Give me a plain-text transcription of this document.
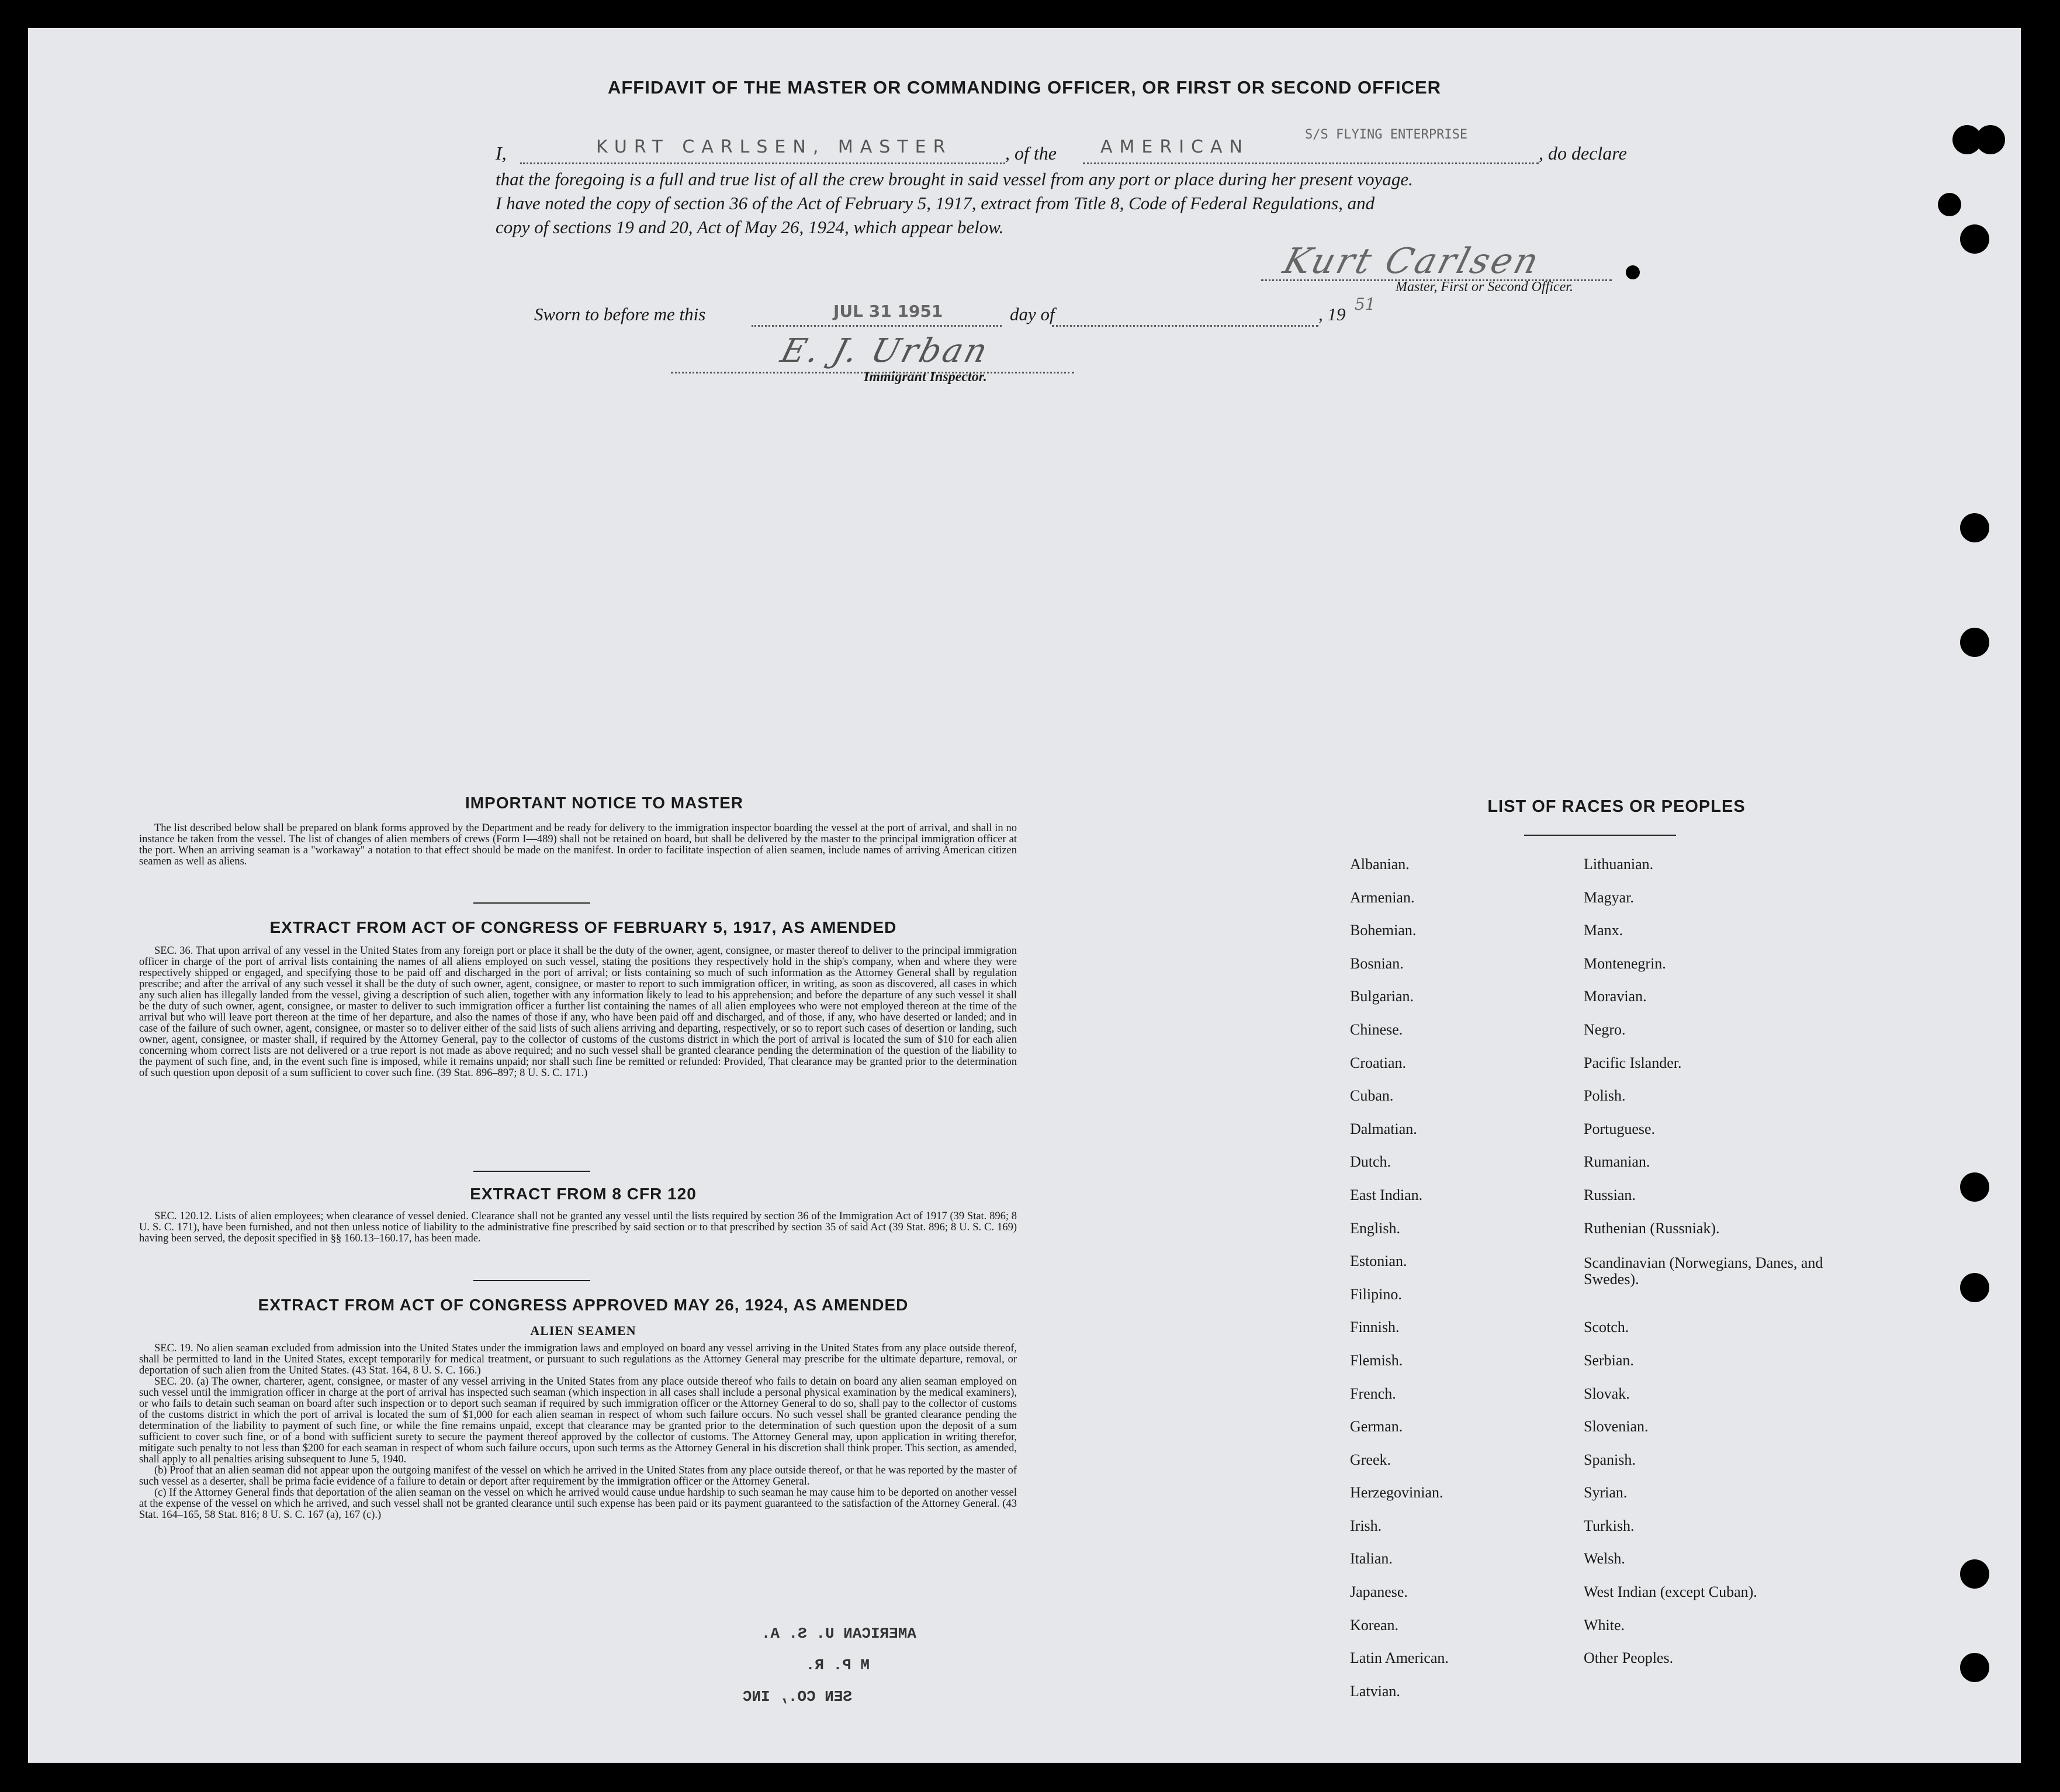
AFFIDAVIT OF THE MASTER OR COMMANDING OFFICER, OR FIRST OR SECOND OFFICER
I,	KURT CARLSEN, MASTER	, of the	AMERICAN
S/S FLYING ENTERPRISE
, do declare
that the foregoing is a full and true list of all the crew brought in said vessel from any port or place during her present voyage.
I have noted the copy of section 36 of the Act of February 5, 1917, extract from Title 8, Code of Federal Regulations, and
copy of sections 19 and 20, Act of May 26, 1924, which appear below.
Kurt Carlsen
Master, First or Second Officer.
Sworn to before me this	JUL 31 1951	day of	, 19 51
E. J. Urban
Immigrant Inspector.
IMPORTANT NOTICE TO MASTER

The list described below shall be prepared on blank forms approved by the Department and be ready for delivery to the immigration inspector boarding the vessel at the port of arrival, and shall in no instance be taken from the vessel. The list of changes of alien members of crews (Form I—489) shall not be retained on board, but shall be delivered by the master to the principal immigration officer at the port. When an arriving seaman is a "workaway" a notation to that effect should be made on the manifest. In order to facilitate inspection of alien seamen, include names of arriving American citizen seamen as well as aliens.

EXTRACT FROM ACT OF CONGRESS OF FEBRUARY 5, 1917, AS AMENDED

SEC. 36. That upon arrival of any vessel in the United States from any foreign port or place it shall be the duty of the owner, agent, consignee, or master thereof to deliver to the principal immigration officer in charge of the port of arrival lists containing the names of all aliens employed on such vessel, stating the positions they respectively hold in the ship's company, when and where they were respectively shipped or engaged, and specifying those to be paid off and discharged in the port of arrival; or lists containing so much of such information as the Attorney General shall by regulation prescribe; and after the arrival of any such vessel it shall be the duty of such owner, agent, consignee, or master to report to such immigration officer, in writing, as soon as discovered, all cases in which any such alien has illegally landed from the vessel, giving a description of such alien, together with any information likely to lead to his apprehension; and before the departure of any such vessel it shall be the duty of such owner, agent, consignee, or master to deliver to such immigration officer a further list containing the names of all alien employees who were not employed thereon at the time of the arrival but who will leave port thereon at the time of her departure, and also the names of those if any, who have been paid off and discharged, and of those, if any, who have deserted or landed; and in case of the failure of such owner, agent, consignee, or master so to deliver either of the said lists of such aliens arriving and departing, respectively, or so to report such cases of desertion or landing, such owner, agent, consignee, or master shall, if required by the Attorney General, pay to the collector of customs of the customs district in which the port of arrival is located the sum of $10 for each alien concerning whom correct lists are not delivered or a true report is not made as above required; and no such vessel shall be granted clearance pending the determination of the question of the liability to the payment of such fine, and, in the event such fine is imposed, while it remains unpaid; nor shall such fine be remitted or refunded: Provided, That clearance may be granted prior to the determination of such question upon deposit of a sum sufficient to cover such fine. (39 Stat. 896–897; 8 U. S. C. 171.)

EXTRACT FROM 8 CFR 120

SEC. 120.12. Lists of alien employees; when clearance of vessel denied. Clearance shall not be granted any vessel until the lists required by section 36 of the Immigration Act of 1917 (39 Stat. 896; 8 U. S. C. 171), have been furnished, and not then unless notice of liability to the administrative fine prescribed by said section or to that prescribed by section 35 of said Act (39 Stat. 896; 8 U. S. C. 169) having been served, the deposit specified in §§ 160.13–160.17, has been made.

EXTRACT FROM ACT OF CONGRESS APPROVED MAY 26, 1924, AS AMENDED
ALIEN SEAMEN

SEC. 19. No alien seaman excluded from admission into the United States under the immigration laws and employed on board any vessel arriving in the United States from any place outside thereof, shall be permitted to land in the United States, except temporarily for medical treatment, or pursuant to such regulations as the Attorney General may prescribe for the ultimate departure, removal, or deportation of such alien from the United States. (43 Stat. 164, 8 U. S. C. 166.)

SEC. 20. (a) The owner, charterer, agent, consignee, or master of any vessel arriving in the United States from any place outside thereof who fails to detain on board any alien seaman employed on such vessel until the immigration officer in charge at the port of arrival has inspected such seaman (which inspection in all cases shall include a personal physical examination by the medical examiners), or who fails to detain such seaman on board after such inspection or to deport such seaman if required by such immigration officer or the Attorney General to do so, shall pay to the collector of customs of the customs district in which the port of arrival is located the sum of $1,000 for each alien seaman in respect of whom such failure occurs. No such vessel shall be granted clearance pending the determination of the liability to payment of such fine, or while the fine remains unpaid, except that clearance may be granted prior to the determination of such question upon the deposit of a sum sufficient to cover such fine, or of a bond with sufficient surety to secure the payment thereof approved by the collector of customs. The Attorney General may, upon application in writing therefor, mitigate such penalty to not less than $200 for each seaman in respect of whom such failure occurs, upon such terms as the Attorney General in his discretion shall think proper. This section, as amended, shall apply to all penalties arising subsequent to June 5, 1940.

(b) Proof that an alien seaman did not appear upon the outgoing manifest of the vessel on which he arrived in the United States from any place outside thereof, or that he was reported by the master of such vessel as a deserter, shall be prima facie evidence of a failure to detain or deport after requirement by the immigration officer or the Attorney General.

(c) If the Attorney General finds that deportation of the alien seaman on the vessel on which he arrived would cause undue hardship to such seaman he may cause him to be deported on another vessel at the expense of the vessel on which he arrived, and such vessel shall not be granted clearance until such expense has been paid or its payment guaranteed to the satisfaction of the Attorney General. (43 Stat. 164–165, 58 Stat. 816; 8 U. S. C. 167 (a), 167 (c).)

AMERICAN U. S. A.
M P. R.
SEN CO., INC
LIST OF RACES OR PEOPLES
Albanian.	Lithuanian.
Armenian.	Magyar.
Bohemian.	Manx.
Bosnian.	Montenegrin.
Bulgarian.	Moravian.
Chinese.	Negro.
Croatian.	Pacific Islander.
Cuban.	Polish.
Dalmatian.	Portuguese.
Dutch.	Rumanian.
East Indian.	Russian.
English.	Ruthenian (Russniak).
Estonian.	Scandinavian (Norwegians, Danes, and Swedes).
Filipino.	
Finnish.	Scotch.
Flemish.	Serbian.
French.	Slovak.
German.	Slovenian.
Greek.	Spanish.
Herzegovinian.	Syrian.
Irish.	Turkish.
Italian.	Welsh.
Japanese.	West Indian (except Cuban).
Korean.	White.
Latin American.	Other Peoples.
Latvian.	
